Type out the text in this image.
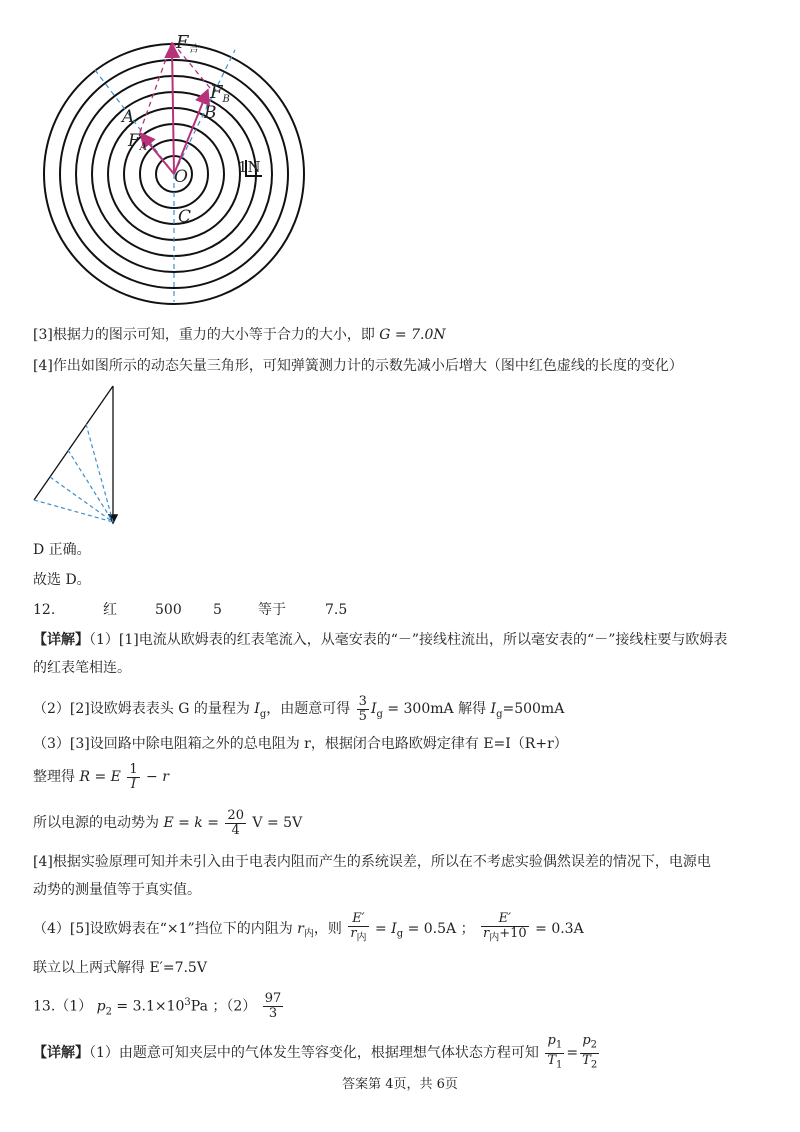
$F_合$
$F_B$
B
A
$F_A$
O	1N
C
[3]根据力的图示可知，重力的大小等于合力的大小，即 G = 7.0N
[4]作出如图所示的动态矢量三角形，可知弹簧测力计的示数先减小后增大（图中红色虚线的长度的变化）
D 正确。
故选 D。
12.	红	500 5	等于	7.5
【详解】（1）[1]电流从欧姆表的红表笔流入，从毫安表的“－”接线柱流出，所以毫安表的“－”接线柱要与欧姆表
的红表笔相连。
（2）[2]设欧姆表表头 G 的量程为 $I_g$，由题意可得 $\frac{3}{5} I_g = 300mA$ 解得 $I_g=500mA$
（3）[3]设回路中除电阻箱之外的总电阻为 r，根据闭合电路欧姆定律有 E=I（R+r）
整理得 R = E $\frac{1}{I} - r$
所以电源的电动势为 $E = k = \frac{20}{4}$ V = 5V
[4]根据实验原理可知并未引入由于电表内阻而产生的系统误差，所以在不考虑实验偶然误差的情况下，电源电
动势的测量值等于真实值。
（4）[5]设欧姆表在“×1”挡位下的内阻为 $r_内$，则 $\frac{E'}{r_内} = I_g = 0.5A$ ； $\frac{E'}{r_内+10} = 0.3A$
联立以上两式解得 E′=7.5V
13.（1） $p_2 = 3.1\times 10^3Pa$ ；$(2) \frac{97}{3}$
【详解】（1）由题意可知夹层中的气体发生等容变化，根据理想气体状态方程可知 $\frac{p_1}{T_1} = \frac{p_2}{T_2}$
答案第 4页，共 6页
